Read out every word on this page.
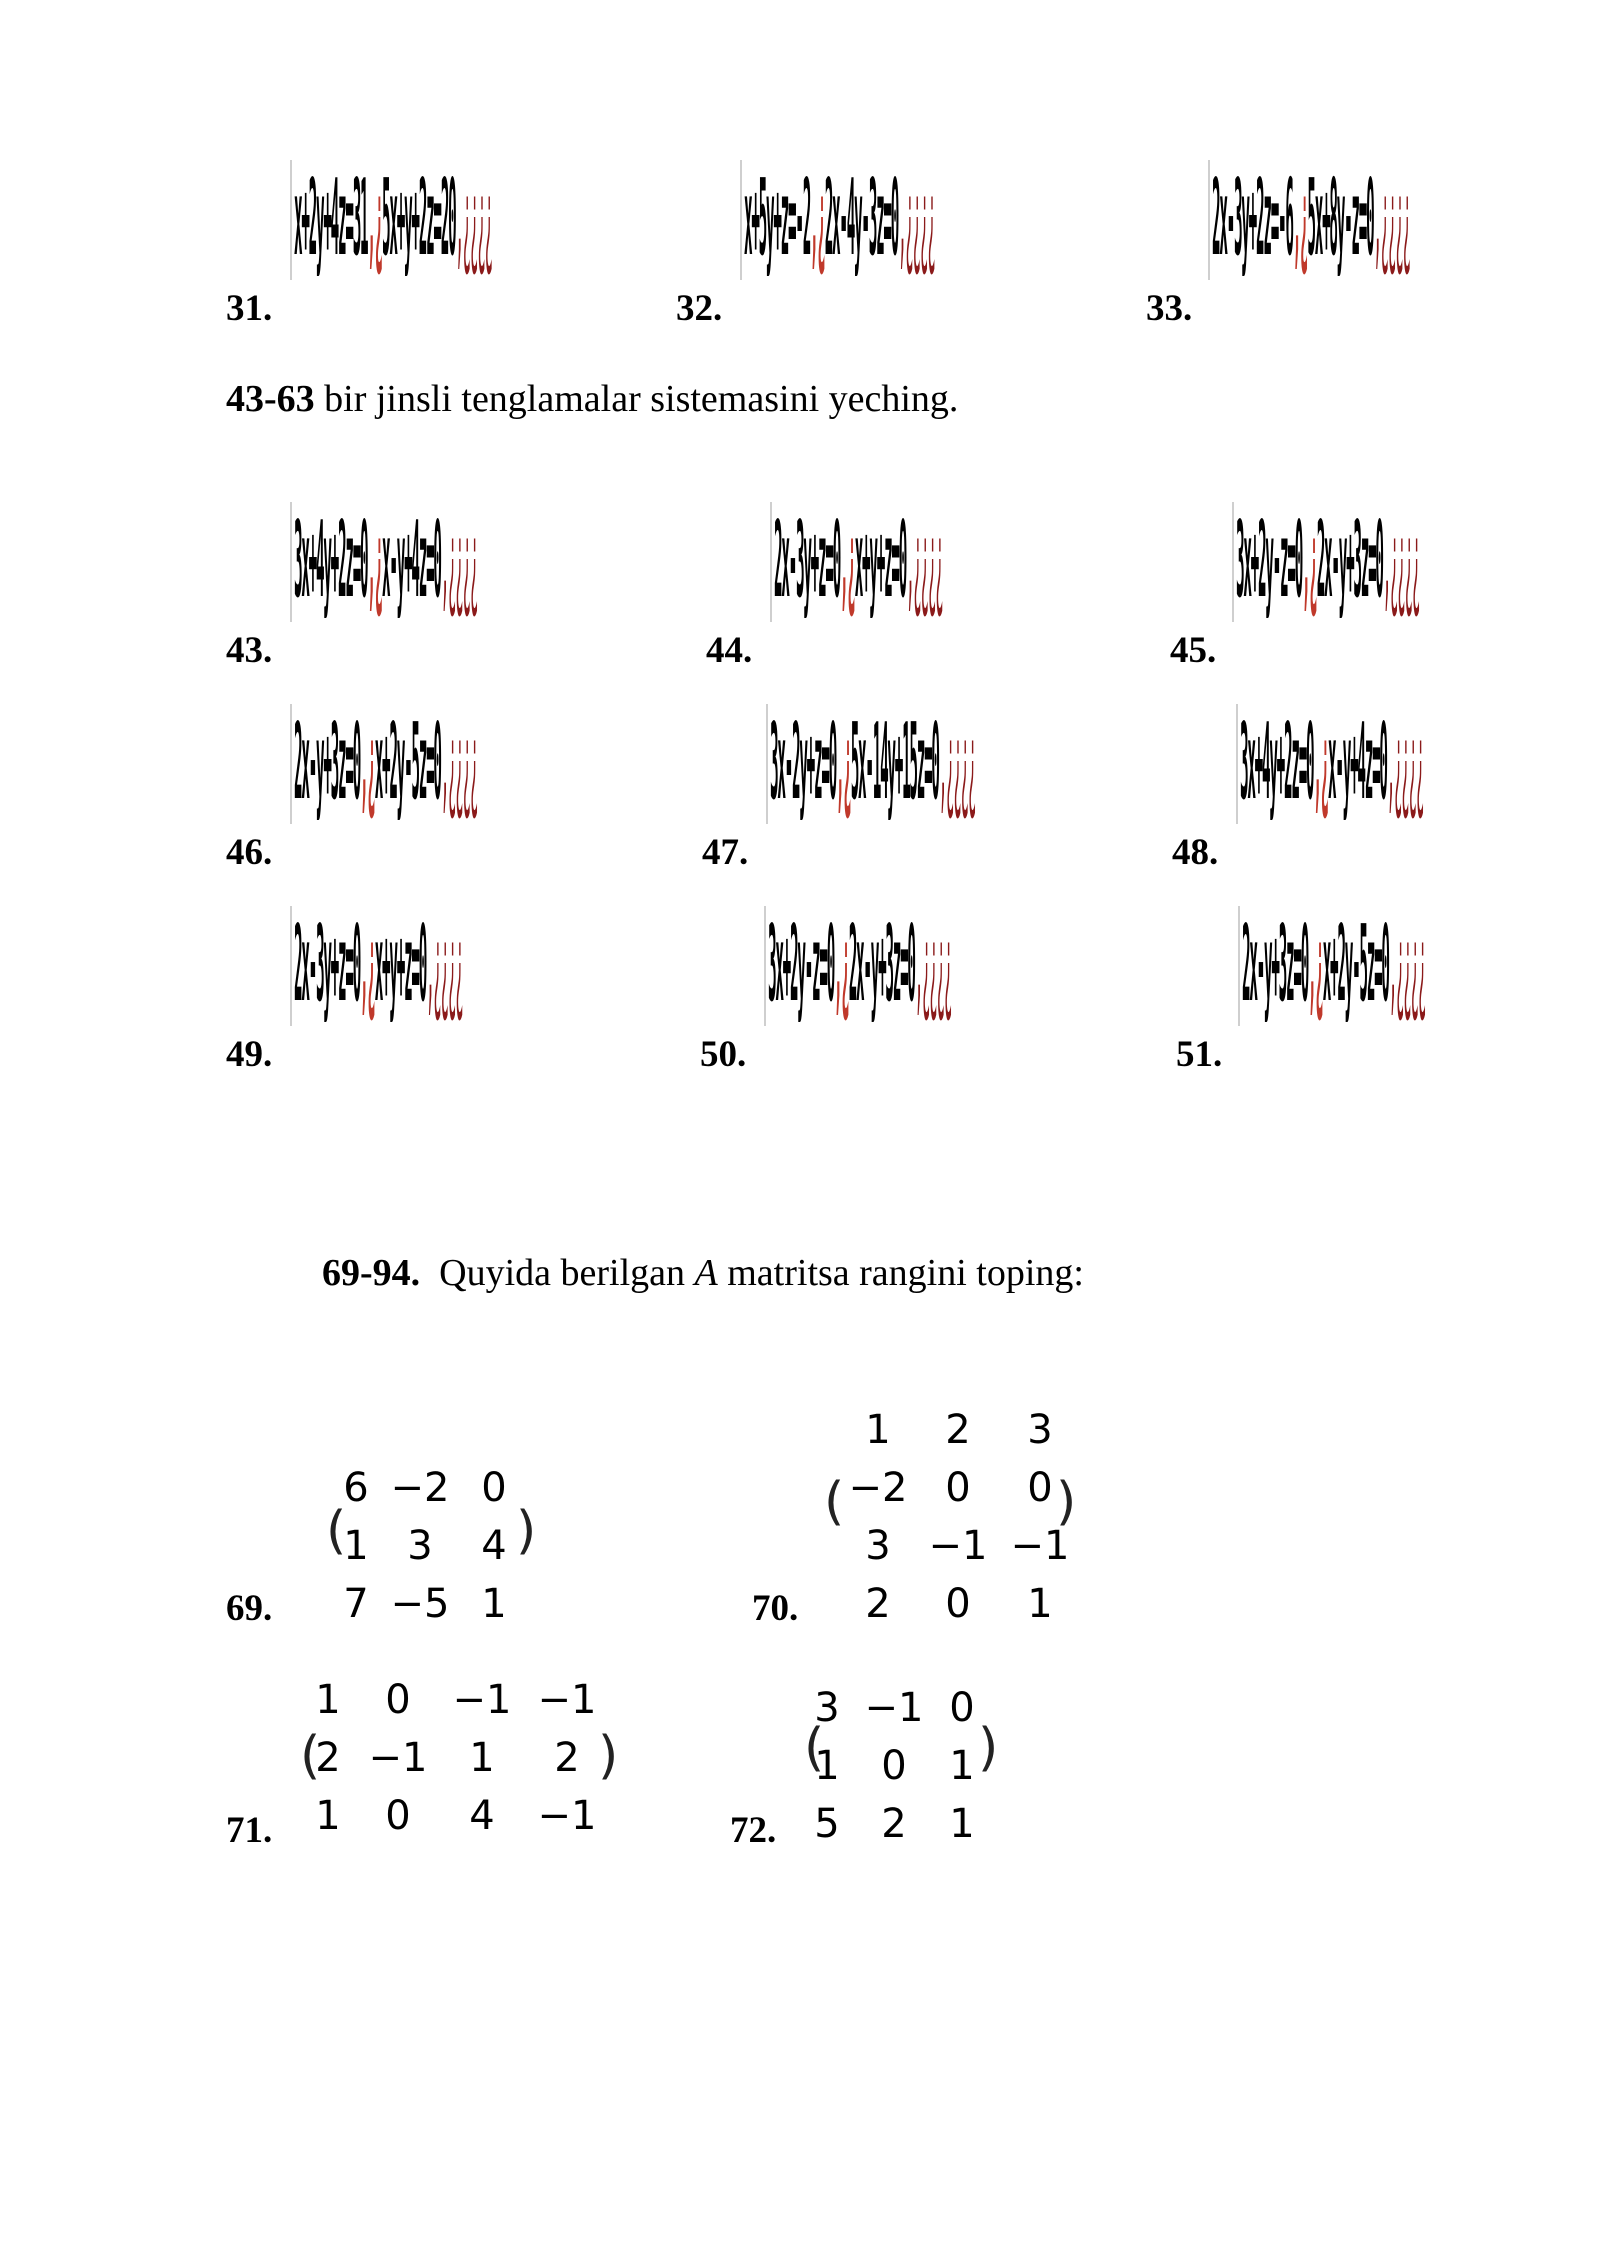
31.
x+2y+4z=31,¿5x+y+2z=20,¿¿¿¿
32.
x+5y+z=-2,¿2x-4y-3z=0,¿¿¿¿
33.
2x-3y+2z=-6,¿5x+8y-z=0,¿¿¿¿
43-63 bir jinsli tenglamalar sistemasini yeching.
43.
3x+4y+2z=0,¿x-y+4z=0,¿¿¿¿
44.
2x-3y+z=0,¿x+y+z=0,¿¿¿¿
45.
3x+2y-z=0,¿2x-y+3z=0,¿¿¿¿
46.
2x-y+3z=0,¿x+2y-5z=0,¿¿¿¿
47.
3x-2y+z=0,¿5x-14y+15z=0,¿¿¿¿
48.
3x+4y+2z=0,¿x-y+4z=0,¿¿¿¿
49.
2x-3y+z=0,¿x+y+z=0,¿¿¿¿
50.
3x+2y-z=0,¿2x-y+3z=0,¿¿¿¿
51.
2x-y+3z=0,¿x+2y-5z=0,¿¿¿¿
69-94.  Quyida berilgan A matritsa rangini toping:
69.
(
6 −2 0
1 3	4
7 −5 1
)
70.
(
1	2	3
−2 0	0
3 −1 −1
2	0	1
)
71.
(
1	0	−1 −1
2 −1	1	2
1	0	4	−1
)
72.
(
3 −1 0
1	0	1
5	2	1
)
